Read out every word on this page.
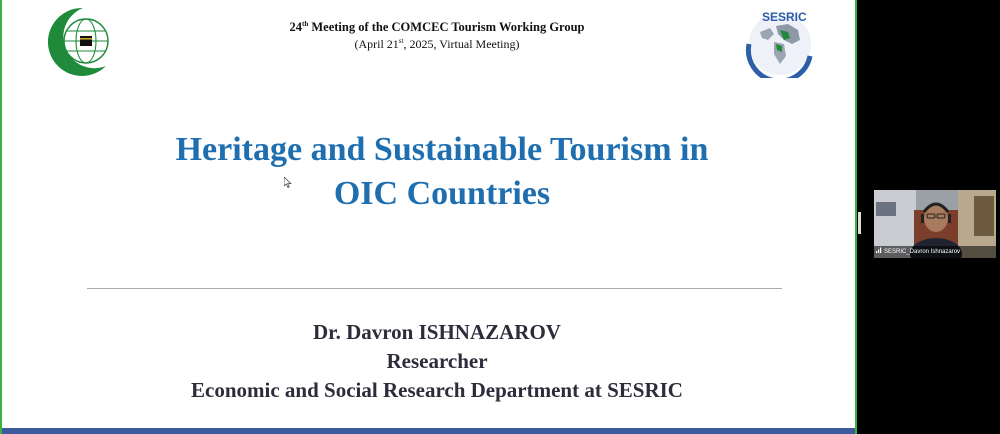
24th Meeting of the COMCEC Tourism Working Group
(April 21st, 2025, Virtual Meeting)
SESRIC
Heritage and Sustainable Tourism in
OIC Countries
Dr. Davron ISHNAZAROV
Researcher
Economic and Social Research Department at SESRIC
SESRIC_Davron Ishnazarov
